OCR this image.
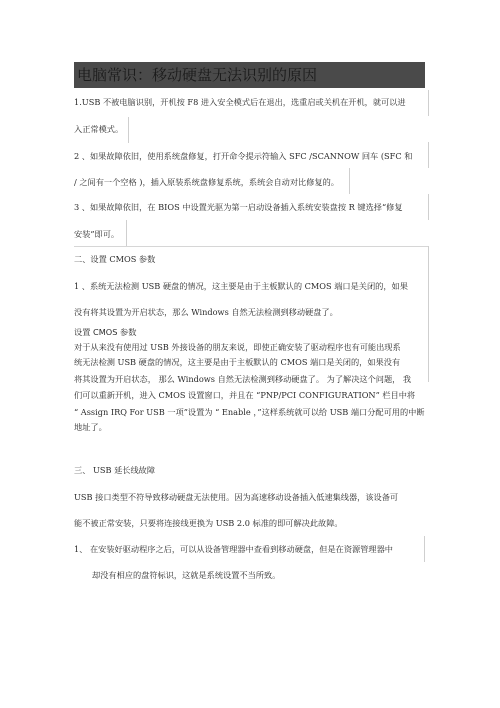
电脑常识：移动硬盘无法识别的原因
1.USB 不被电脑识别，开机按 F8 进入安全模式后在退出，选重启或关机在开机，就可以进
入正常模式。
2 、如果故障依旧，使用系统盘修复，打开命令提示符输入 SFC /SCANNOW 回车 (SFC 和
/ 之间有一个空格 )，插入原装系统盘修复系统，系统会自动对比修复的。
3 、如果故障依旧，在 BIOS 中设置光驱为第一启动设备插入系统安装盘按 R 键选择“修复
安装”即可。
二、设置 CMOS 参数
1 、系统无法检测 USB 硬盘的情况，这主要是由于主板默认的 CMOS 端口是关闭的，如果
没有将其设置为开启状态，那么 Windows 自然无法检测到移动硬盘了。
设置 CMOS 参数
对于从来没有使用过 USB 外接设备的朋友来说，即使正确安装了驱动程序也有可能出现系
统无法检测 USB 硬盘的情况，这主要是由于主板默认的 CMOS 端口是关闭的，如果没有
将其设置为开启状态， 那么 Windows 自然无法检测到移动硬盘了。 为了解决这个问题， 我
们可以重新开机，进入 CMOS 设置窗口，并且在 “PNP/PCI CONFIGURATION” 栏目中将
“ Assign IRQ For USB 一项”设置为 “ Enable ，”这样系统就可以给 USB 端口分配可用的中断
地址了。
三、 USB 延长线故障
USB 接口类型不符导致移动硬盘无法使用。因为高速移动设备插入低速集线器，该设备可
能不被正常安装，只要将连接线更换为 USB 2.0 标准的即可解决此故障。
1、 在安装好驱动程序之后，可以从设备管理器中查看到移动硬盘，但是在资源管理器中
却没有相应的盘符标识，这就是系统设置不当所致。
